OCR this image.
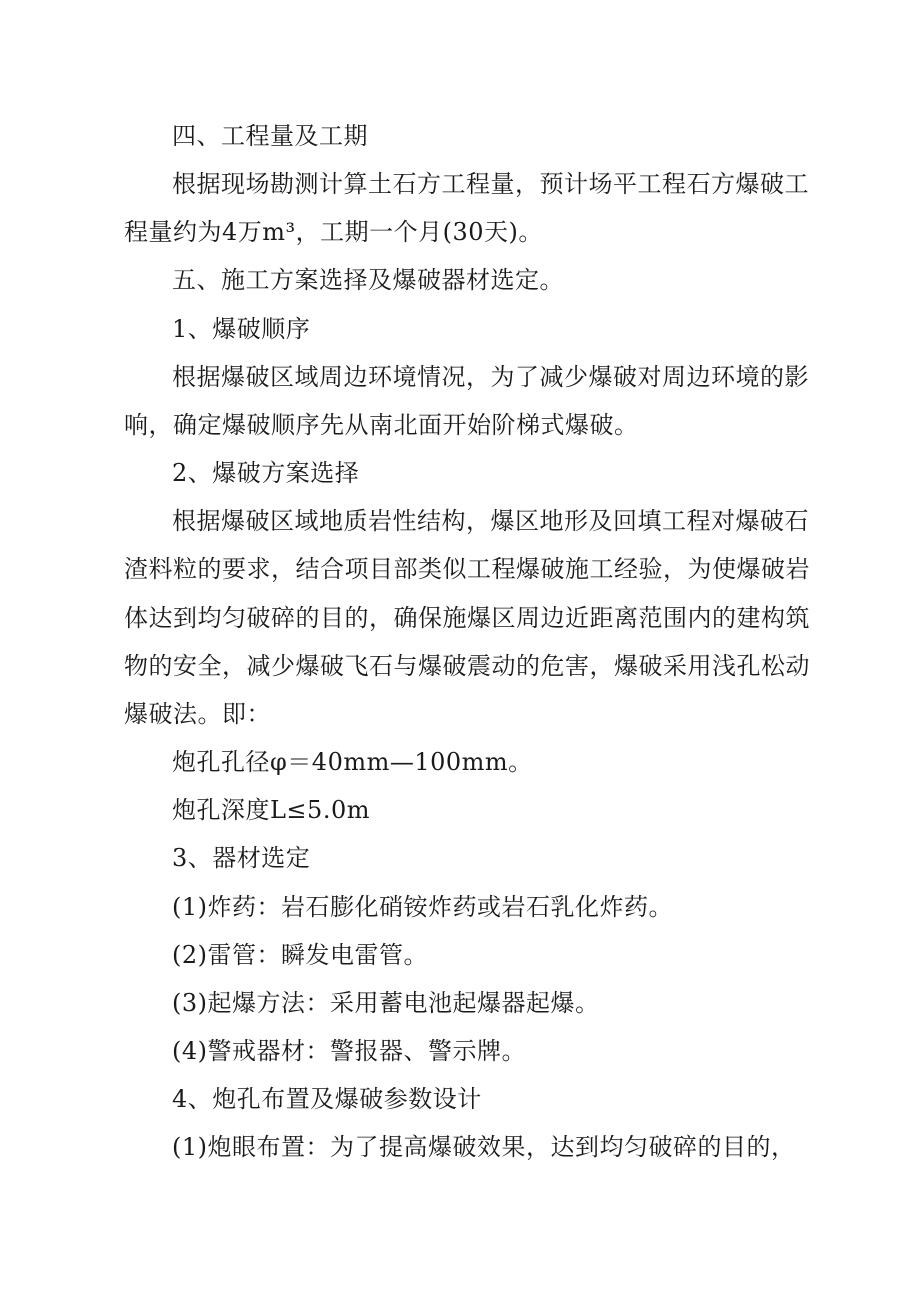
四、工程量及工期
根据现场勘测计算土石方工程量，预计场平工程石方爆破工
程量约为4万m³，工期一个月(30天)。
五、施工方案选择及爆破器材选定。
1、爆破顺序
根据爆破区域周边环境情况，为了减少爆破对周边环境的影
响，确定爆破顺序先从南北面开始阶梯式爆破。
2、爆破方案选择
根据爆破区域地质岩性结构，爆区地形及回填工程对爆破石
渣料粒的要求，结合项目部类似工程爆破施工经验，为使爆破岩
体达到均匀破碎的目的，确保施爆区周边近距离范围内的建构筑
物的安全，减少爆破飞石与爆破震动的危害，爆破采用浅孔松动
爆破法。即：
炮孔孔径φ＝40mm—100mm。
炮孔深度L≤5.0m
3、器材选定
(1)炸药：岩石膨化硝铵炸药或岩石乳化炸药。
(2)雷管：瞬发电雷管。
(3)起爆方法：采用蓄电池起爆器起爆。
(4)警戒器材：警报器、警示牌。
4、炮孔布置及爆破参数设计
(1)炮眼布置：为了提高爆破效果，达到均匀破碎的目的，
